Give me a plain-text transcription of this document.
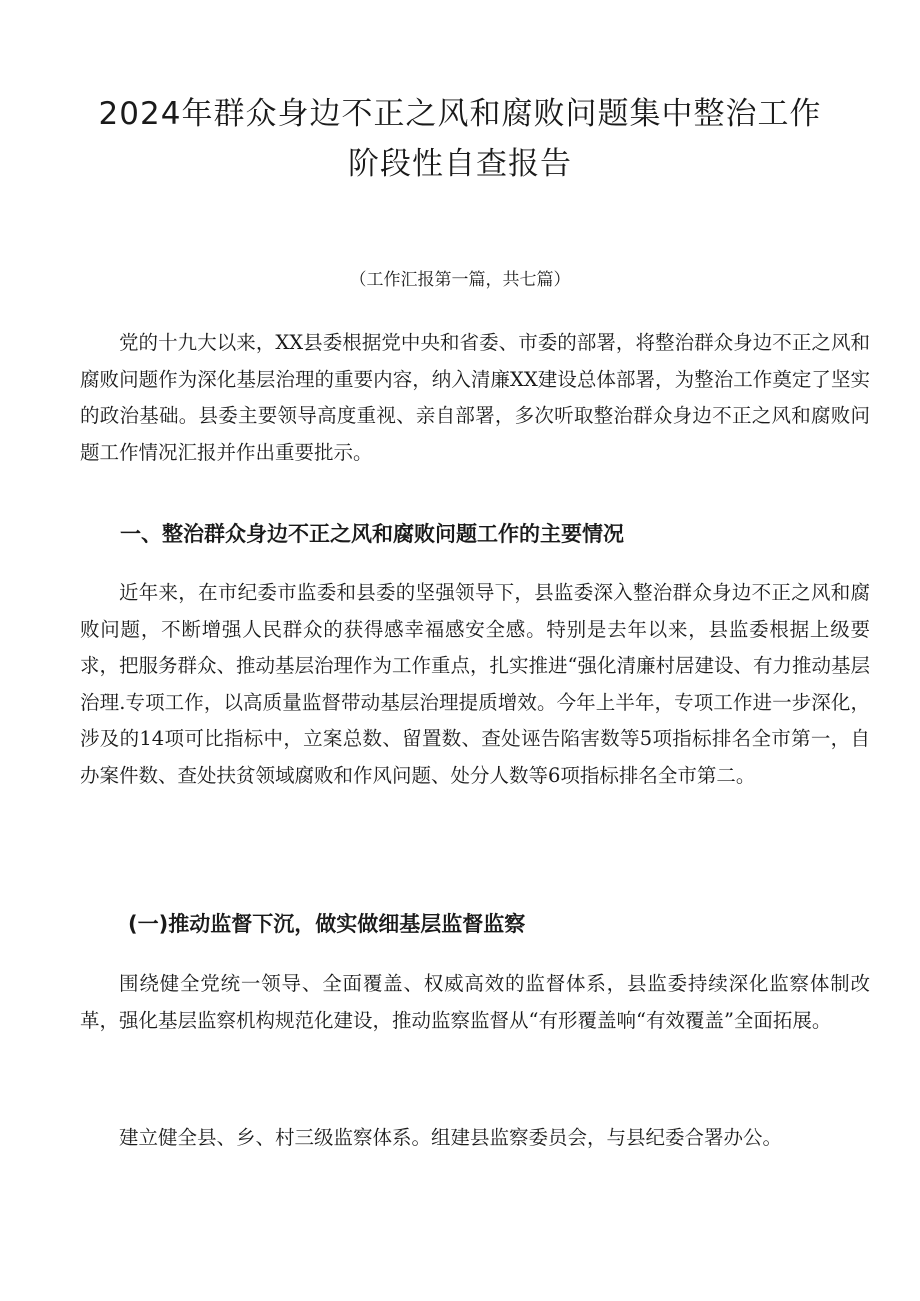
2024年群众身边不正之风和腐败问题集中整治工作
阶段性自查报告
（工作汇报第一篇，共七篇）

党的十九大以来，XX县委根据党中央和省委、市委的部署，将整治群众身边不正之风和腐败问题作为深化基层治理的重要内容，纳入清廉XX建设总体部署，为整治工作奠定了坚实的政治基础。县委主要领导高度重视、亲自部署，多次听取整治群众身边不正之风和腐败问题工作情况汇报并作出重要批示。

一、整治群众身边不正之风和腐败问题工作的主要情况

近年来，在市纪委市监委和县委的坚强领导下，县监委深入整治群众身边不正之风和腐败问题，不断增强人民群众的获得感幸福感安全感。特别是去年以来，县监委根据上级要求，把服务群众、推动基层治理作为工作重点，扎实推进“强化清廉村居建设、有力推动基层治理.专项工作，以高质量监督带动基层治理提质增效。今年上半年，专项工作进一步深化，涉及的14项可比指标中，立案总数、留置数、查处诬告陷害数等5项指标排名全市第一，自办案件数、查处扶贫领域腐败和作风问题、处分人数等6项指标排名全市第二。

(一)推动监督下沉，做实做细基层监督监察

围绕健全党统一领导、全面覆盖、权威高效的监督体系，县监委持续深化监察体制改革，强化基层监察机构规范化建设，推动监察监督从“有形覆盖响“有效覆盖”全面拓展。

建立健全县、乡、村三级监察体系。组建县监察委员会，与县纪委合署办公。
